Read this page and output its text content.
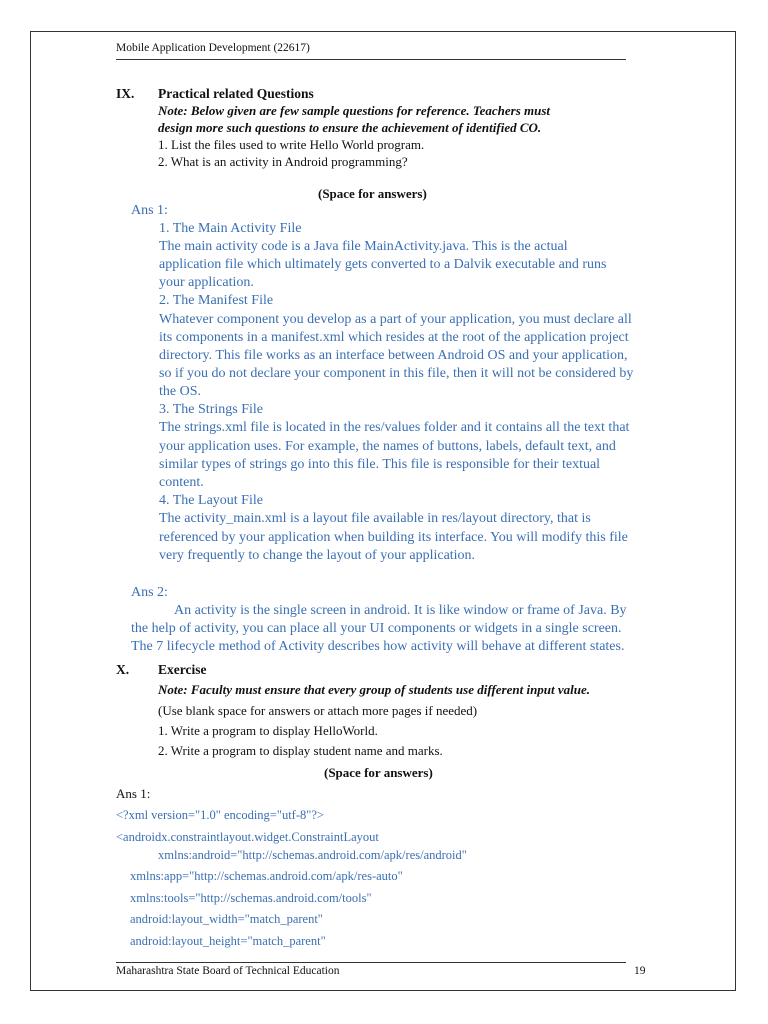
Mobile Application Development (22617)
IX. Practical related Questions
Note: Below given are few sample questions for reference. Teachers must
design more such questions to ensure the achievement of identified CO.
1. List the files used to write Hello World program.
2. What is an activity in Android programming?
(Space for answers)
Ans 1:
1. The Main Activity File
The main activity code is a Java file MainActivity.java. This is the actual
application file which ultimately gets converted to a Dalvik executable and runs
your application.
2. The Manifest File
Whatever component you develop as a part of your application, you must declare all
its components in a manifest.xml which resides at the root of the application project
directory. This file works as an interface between Android OS and your application,
so if you do not declare your component in this file, then it will not be considered by
the OS.
3. The Strings File
The strings.xml file is located in the res/values folder and it contains all the text that
your application uses. For example, the names of buttons, labels, default text, and
similar types of strings go into this file. This file is responsible for their textual
content.
4. The Layout File
The activity_main.xml is a layout file available in res/layout directory, that is
referenced by your application when building its interface. You will modify this file
very frequently to change the layout of your application.
Ans 2:
An activity is the single screen in android. It is like window or frame of Java. By
the help of activity, you can place all your UI components or widgets in a single screen.
The 7 lifecycle method of Activity describes how activity will behave at different states.
X. Exercise
Note: Faculty must ensure that every group of students use different input value.
(Use blank space for answers or attach more pages if needed)
1. Write a program to display HelloWorld.
2. Write a program to display student name and marks.
(Space for answers)
Ans 1:
<?xml version="1.0" encoding="utf-8"?>
<androidx.constraintlayout.widget.ConstraintLayout
xmlns:android="http://schemas.android.com/apk/res/android"
xmlns:app="http://schemas.android.com/apk/res-auto"
xmlns:tools="http://schemas.android.com/tools"
android:layout_width="match_parent"
android:layout_height="match_parent"
Maharashtra State Board of Technical Education	19
